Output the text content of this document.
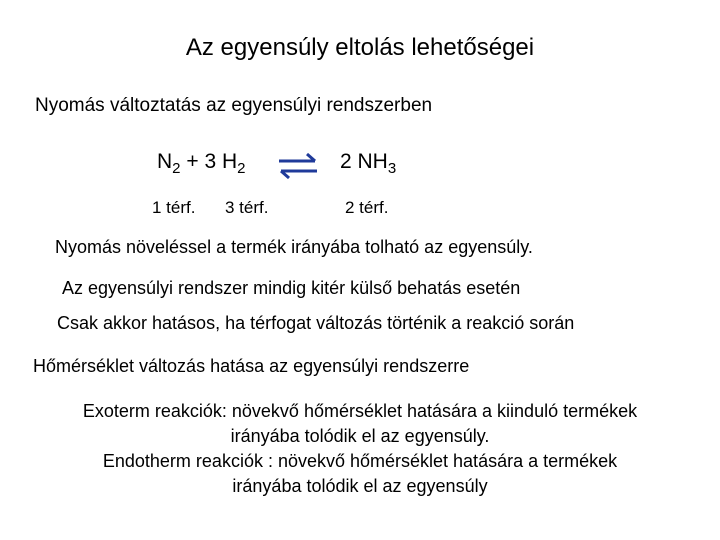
Az egyensúly eltolás lehetőségei
Nyomás változtatás az egyensúlyi rendszerben
$N_2 + 3$ $H_2$ ⇌ 2 $NH_3$
1 térf. 3 térf.	2 térf.
Nyomás növeléssel a termék irányába tolható az egyensúly.
Az egyensúlyi rendszer mindig kitér külső behatás esetén
Csak akkor hatásos, ha térfogat változás történik a reakció során
Hőmérséklet változás hatása az egyensúlyi rendszerre
Exoterm reakciók: növekvő hőmérséklet hatására a kiinduló termékek
irányába tolódik el az egyensúly.
Endotherm reakciók : növekvő hőmérséklet hatására a termékek
irányába tolódik el az egyensúly
